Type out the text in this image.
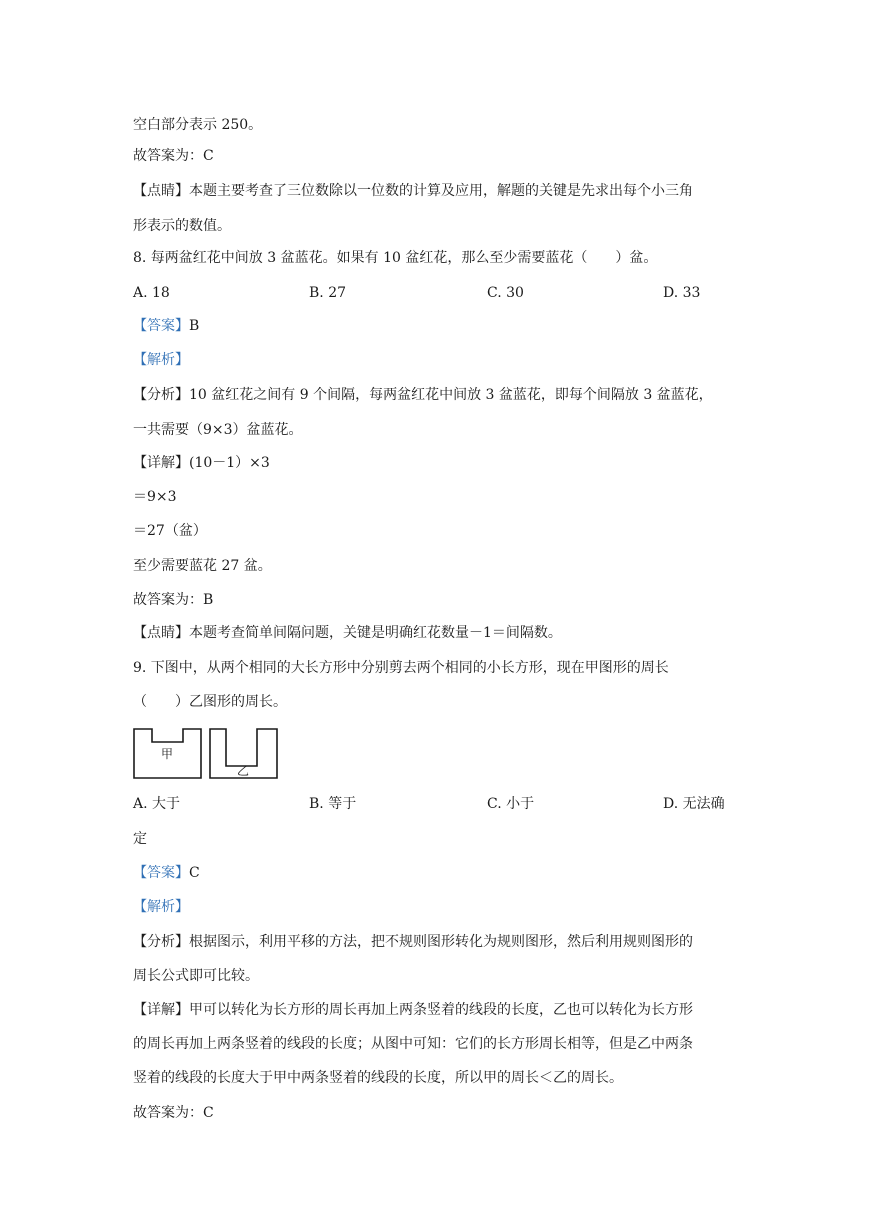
空白部分表示 250。
故答案为：C
【点睛】本题主要考查了三位数除以一位数的计算及应用，解题的关键是先求出每个小三角
形表示的数值。
8. 每两盆红花中间放 3 盆蓝花。如果有 10 盆红花，那么至少需要蓝花（　　）盆。
A. 18	B. 27	C. 30	D. 33
【答案】B
【解析】
【分析】10 盆红花之间有 9 个间隔，每两盆红花中间放 3 盆蓝花，即每个间隔放 3 盆蓝花，
一共需要（9×3）盆蓝花。
【详解】(10－1）×3
＝9×3
＝27（盆）
至少需要蓝花 27 盆。
故答案为：B
【点睛】本题考查简单间隔问题，关键是明确红花数量－1＝间隔数。
9. 下图中，从两个相同的大长方形中分别剪去两个相同的小长方形，现在甲图形的周长
（　　）乙图形的周长。
甲
乙
A. 大于	B. 等于	C. 小于	D. 无法确
定
【答案】C
【解析】
【分析】根据图示，利用平移的方法，把不规则图形转化为规则图形，然后利用规则图形的
周长公式即可比较。
【详解】甲可以转化为长方形的周长再加上两条竖着的线段的长度，乙也可以转化为长方形
的周长再加上两条竖着的线段的长度；从图中可知：它们的长方形周长相等，但是乙中两条
竖着的线段的长度大于甲中两条竖着的线段的长度，所以甲的周长＜乙的周长。
故答案为：C
